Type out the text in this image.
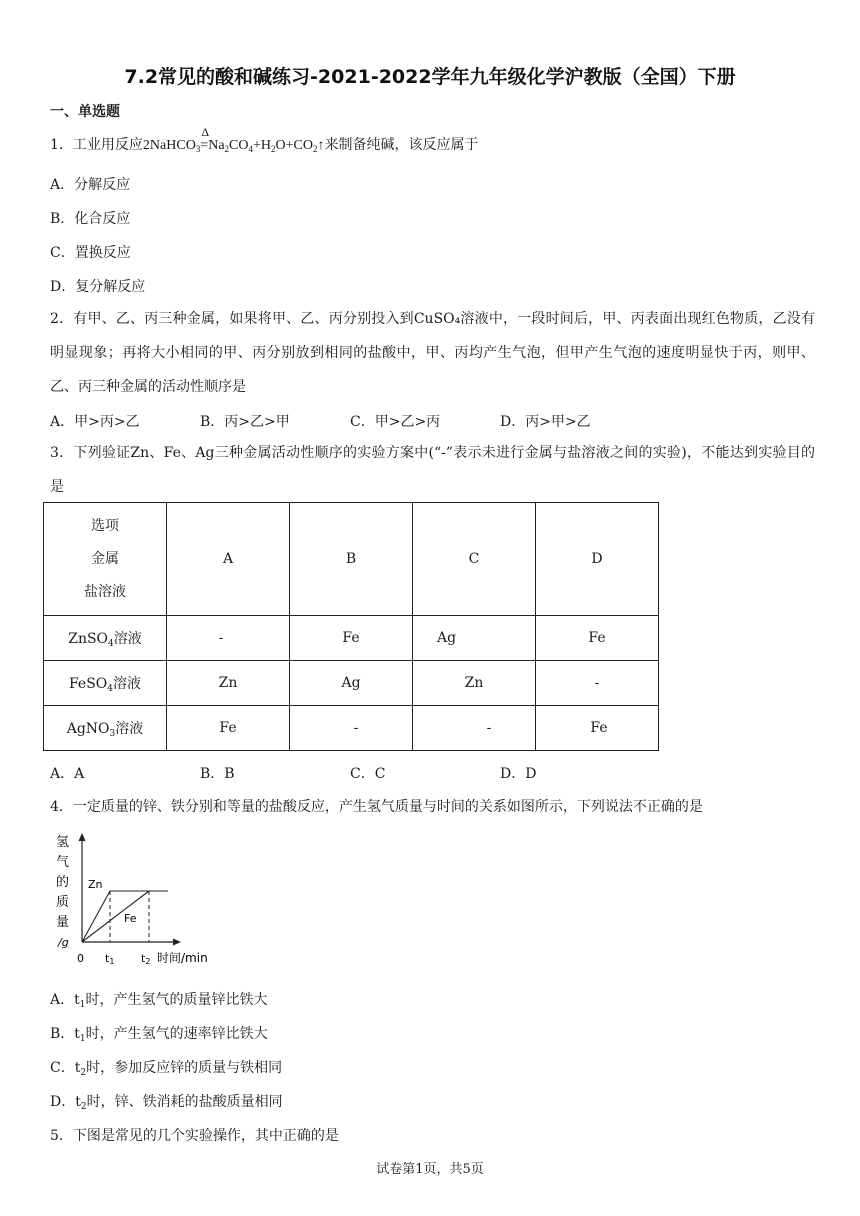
7.2常见的酸和碱练习-2021-2022学年九年级化学沪教版（全国）下册
一、单选题
1．工业用反应2NaHCO$_3$
Δ
$=Na_2CO_4+H_2O+CO_2↑$来制备纯碱，该反应属于
A．分解反应
B．化合反应
C．置换反应
D．复分解反应
2．有甲、乙、丙三种金属，如果将甲、乙、丙分别投入到CuSO₄溶液中，一段时间后，甲、丙表面出现红色物质，乙没有明显现象；再将大小相同的甲、丙分别放到相同的盐酸中，甲、丙均产生气泡，但甲产生气泡的速度明显快于丙，则甲、乙、丙三种金属的活动性顺序是
A．甲>丙>乙	B．丙>乙>甲	C．甲>乙>丙	D．丙>甲>乙
3．下列验证Zn、Fe、Ag三种金属活动性顺序的实验方案中(“-”表示未进行金属与盐溶液之间的实验)，不能达到实验目的是
选项
金属
盐溶液	A	B	C	D
ZnSO$_4$溶液	-	Fe	Ag	Fe
FeSO$_4$溶液	Zn	Ag	Zn	-
AgNO$_3$溶液	Fe	-	-	Fe
A．A	B．B	C．C	D．D
4．一定质量的锌、铁分别和等量的盐酸反应，产生氢气质量与时间的关系如图所示，下列说法不正确的是
氢
气
的
质
量
/g
Zn
Fe
0 t1 t2 时间/min
A．$t_1$时，产生氢气的质量锌比铁大
B．$t_1$时，产生氢气的速率锌比铁大
C．$t_2$时，参加反应锌的质量与铁相同
D．$t_2$时，锌、铁消耗的盐酸质量相同
5．下图是常见的几个实验操作，其中正确的是
试卷第1页，共5页
